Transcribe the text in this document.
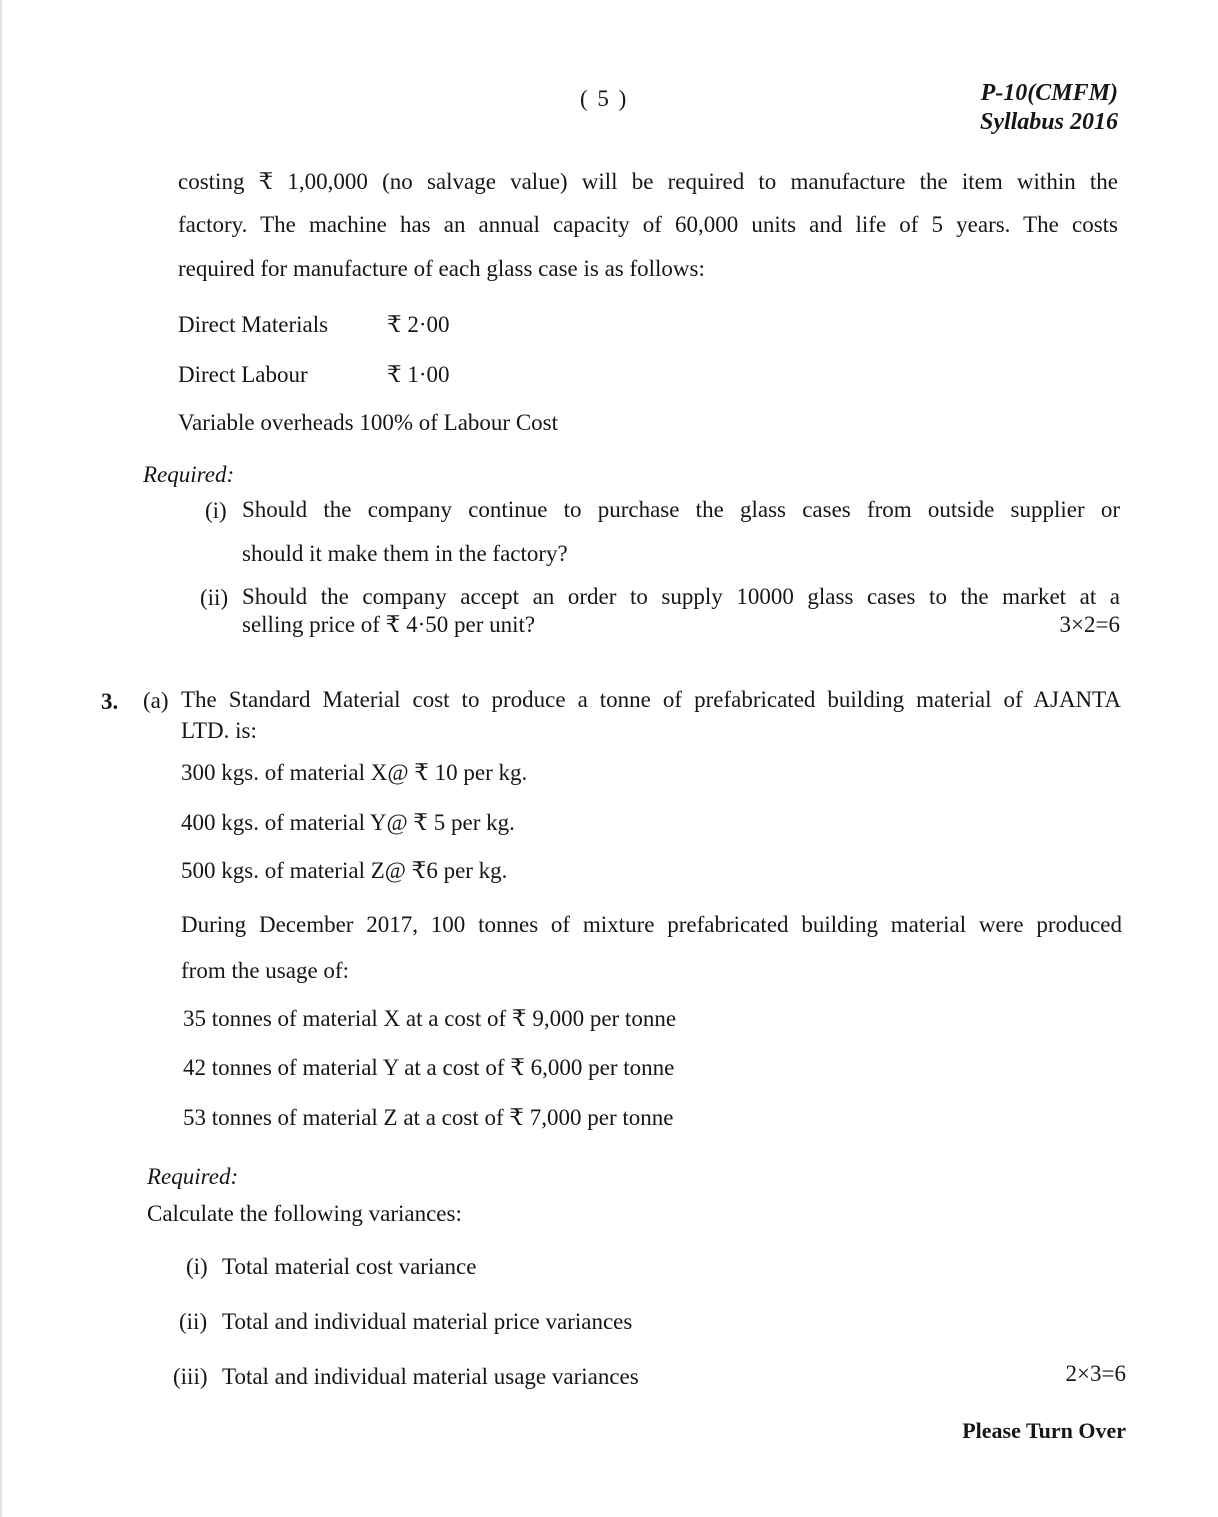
( 5 )	P-10(CMFM)
Syllabus 2016
costing ₹ 1,00,000 (no salvage value) will be required to manufacture the item within the
factory. The machine has an annual capacity of 60,000 units and life of 5 years. The costs
required for manufacture of each glass case is as follows:
Direct Materials	₹ 2·00
Direct Labour	₹ 1·00
Variable overheads 100% of Labour Cost
Required:
(i) Should the company continue to purchase the glass cases from outside supplier or
should it make them in the factory?
(ii) Should the company accept an order to supply 10000 glass cases to the market at a
selling price of ₹ 4·50 per unit?	3×2=6
3. (a) The Standard Material cost to produce a tonne of prefabricated building material of AJANTA
LTD. is:
300 kgs. of material X@ ₹ 10 per kg.
400 kgs. of material Y@ ₹ 5 per kg.
500 kgs. of material Z@ ₹6 per kg.
During December 2017, 100 tonnes of mixture prefabricated building material were produced
from the usage of:
35 tonnes of material X at a cost of ₹ 9,000 per tonne
42 tonnes of material Y at a cost of ₹ 6,000 per tonne
53 tonnes of material Z at a cost of ₹ 7,000 per tonne
Required:
Calculate the following variances:
(i) Total material cost variance
(ii) Total and individual material price variances
(iii) Total and individual material usage variances	2×3=6
Please Turn Over
